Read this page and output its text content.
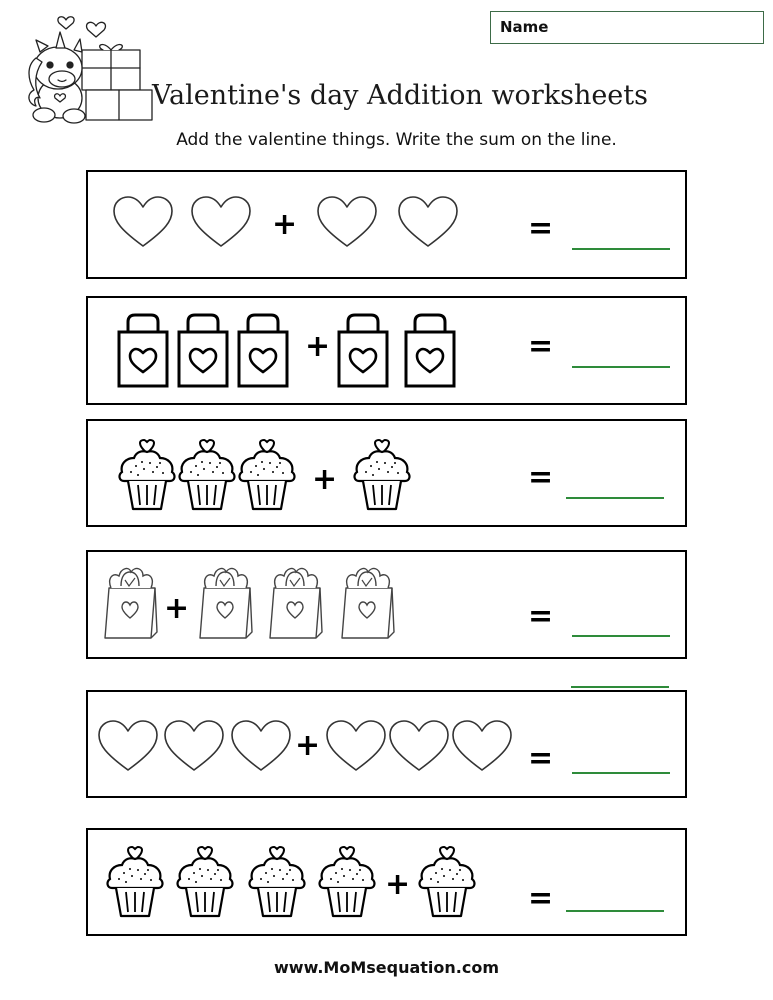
Name
Valentine's day Addition worksheets
Add the valentine things. Write the sum on the line.
+	=
+	=
+	=
+	=
+	=
+	=
www.MoMsequation.com
